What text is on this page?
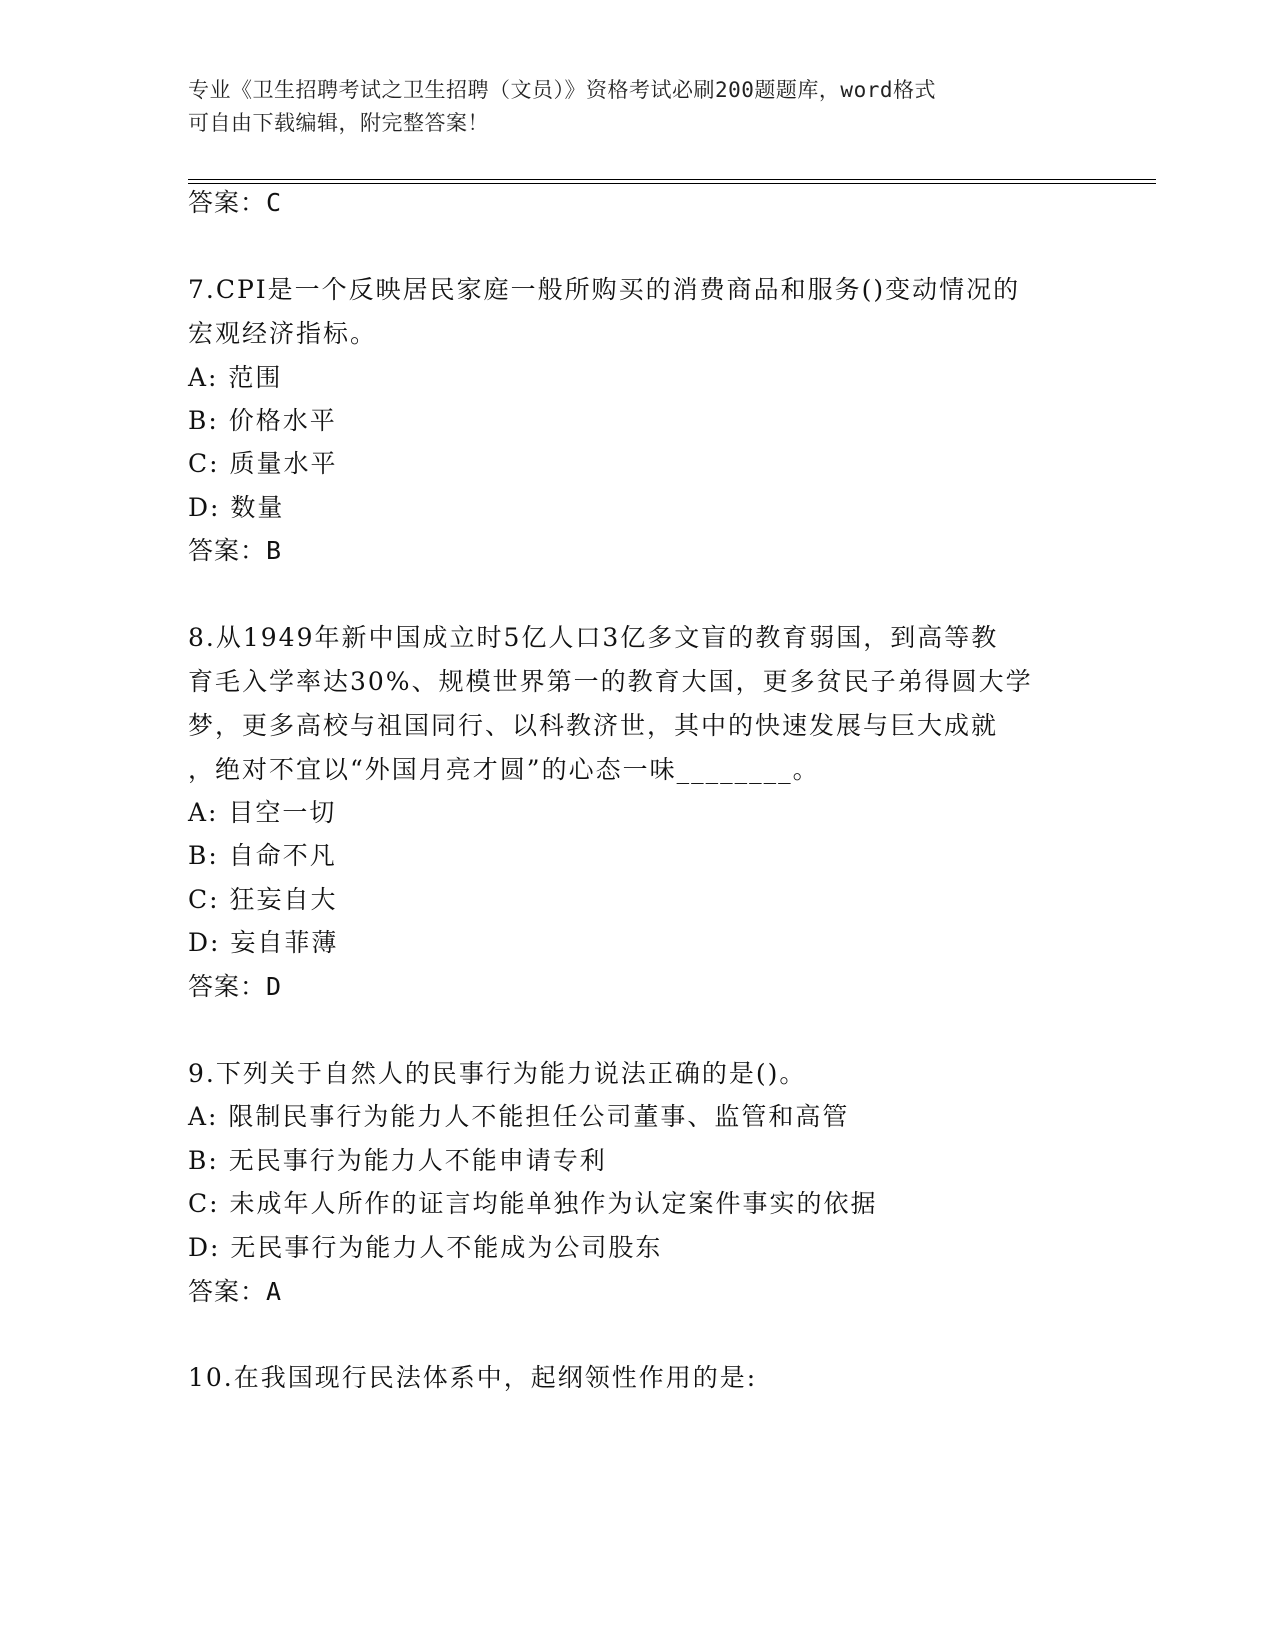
专业《卫生招聘考试之卫生招聘（文员）》资格考试必刷200题题库，word格式
可自由下载编辑，附完整答案！
答案：C
7.CPI是一个反映居民家庭一般所购买的消费商品和服务()变动情况的
宏观经济指标。
A: 范围
B: 价格水平
C: 质量水平
D: 数量
答案：B
8.从1949年新中国成立时5亿人口3亿多文盲的教育弱国，到高等教
育毛入学率达30%、规模世界第一的教育大国，更多贫民子弟得圆大学
梦，更多高校与祖国同行、以科教济世，其中的快速发展与巨大成就
，绝对不宜以“外国月亮才圆”的心态一味________。
A: 目空一切
B: 自命不凡
C: 狂妄自大
D: 妄自菲薄
答案：D
9.下列关于自然人的民事行为能力说法正确的是()。
A: 限制民事行为能力人不能担任公司董事、监管和高管
B: 无民事行为能力人不能申请专利
C: 未成年人所作的证言均能单独作为认定案件事实的依据
D: 无民事行为能力人不能成为公司股东
答案：A
10.在我国现行民法体系中，起纲领性作用的是:
